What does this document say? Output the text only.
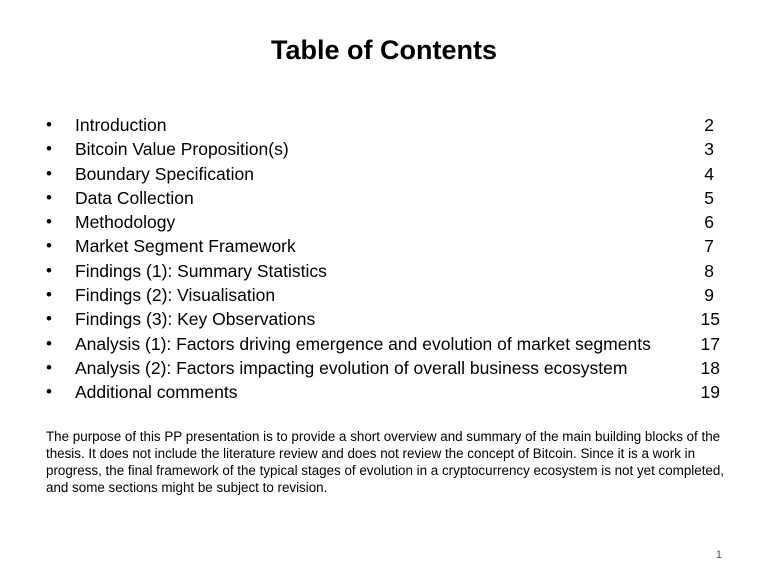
Table of Contents
•	Introduction	2
•	Bitcoin Value Proposition(s)	3
•	Boundary Specification	4
•	Data Collection	5
•	Methodology	6
•	Market Segment Framework	7
•	Findings (1): Summary Statistics	8
•	Findings (2): Visualisation	9
•	Findings (3): Key Observations	15
•	Analysis (1): Factors driving emergence and evolution of market segments	17
•	Analysis (2): Factors impacting evolution of overall business ecosystem	18
•	Additional comments	19

The purpose of this PP presentation is to provide a short overview and summary of the main building blocks of the thesis. It does not include the literature review and does not review the concept of Bitcoin. Since it is a work in progress, the final framework of the typical stages of evolution in a cryptocurrency ecosystem is not yet completed, and some sections might be subject to revision.

1
